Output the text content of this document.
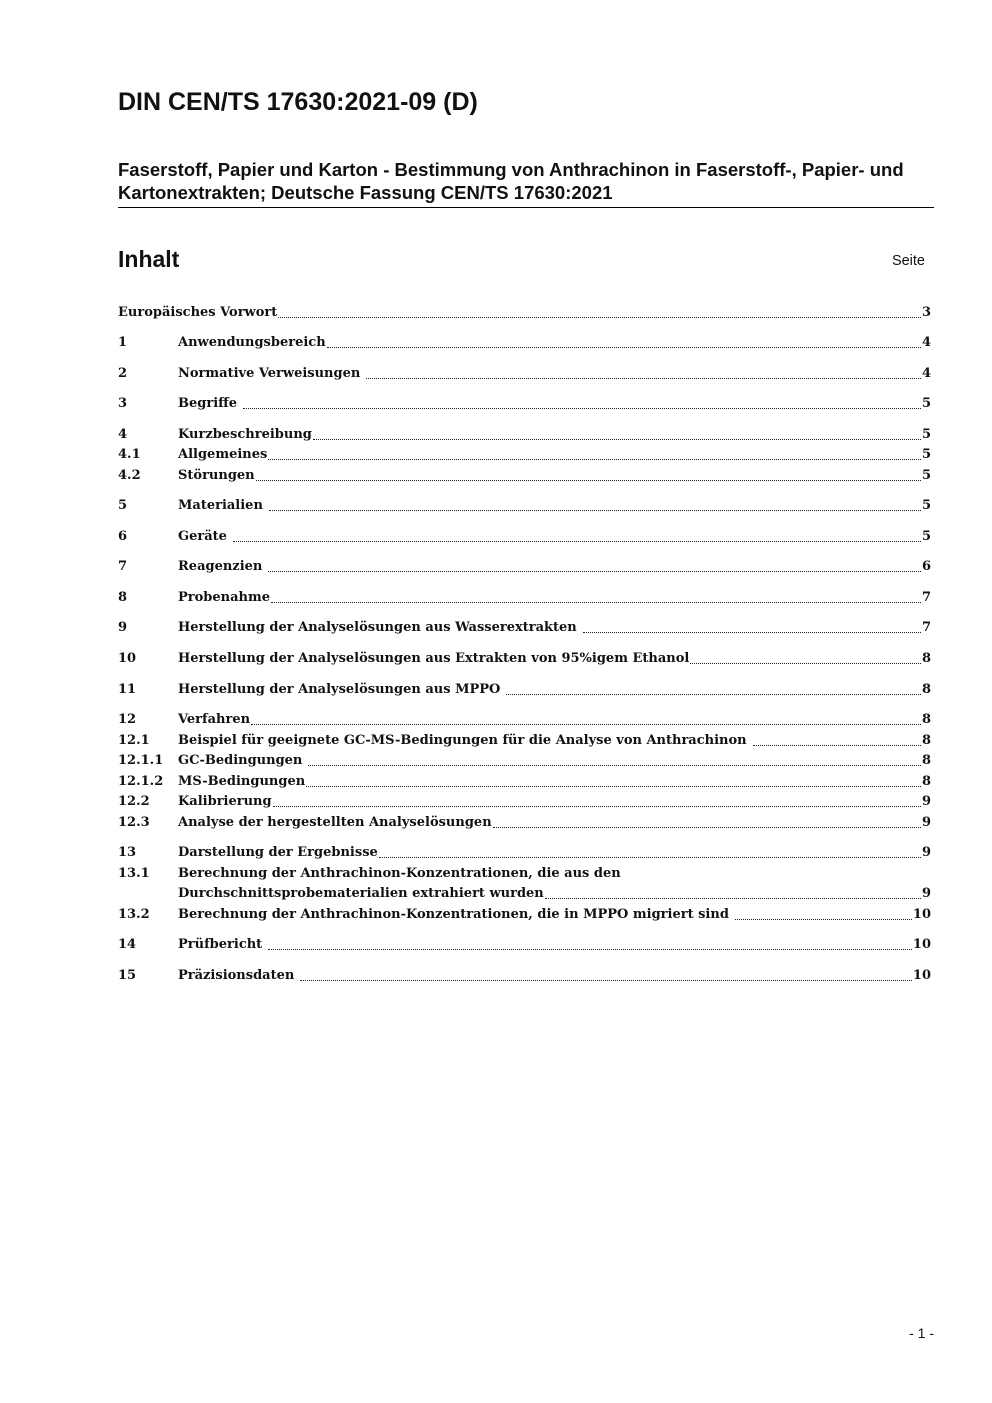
DIN CEN/TS 17630:2021-09 (D)
Faserstoff, Papier und Karton - Bestimmung von Anthrachinon in Faserstoff-, Papier- und Kartonextrakten; Deutsche Fassung CEN/TS 17630:2021
Inhalt	Seite
Europäisches Vorwort	3
1	Anwendungsbereich	4
2	Normative Verweisungen	4
3	Begriffe	5
4	Kurzbeschreibung	5
4.1	Allgemeines	5
4.2	Störungen	5
5	Materialien	5
6	Geräte	5
7	Reagenzien	6
8	Probenahme	7
9	Herstellung der Analyselösungen aus Wasserextrakten	7
10	Herstellung der Analyselösungen aus Extrakten von 95%igem Ethanol	8
11	Herstellung der Analyselösungen aus MPPO	8
12	Verfahren	8
12.1	Beispiel für geeignete GC-MS-Bedingungen für die Analyse von Anthrachinon	8
12.1.1	GC-Bedingungen	8
12.1.2	MS-Bedingungen	8
12.2	Kalibrierung	9
12.3	Analyse der hergestellten Analyselösungen	9
13	Darstellung der Ergebnisse	9
13.1	Berechnung der Anthrachinon-Konzentrationen, die aus den
Durchschnittsprobematerialien extrahiert wurden	9
13.2	Berechnung der Anthrachinon-Konzentrationen, die in MPPO migriert sind	10
14	Prüfbericht	10
15	Präzisionsdaten	10
- 1 -
